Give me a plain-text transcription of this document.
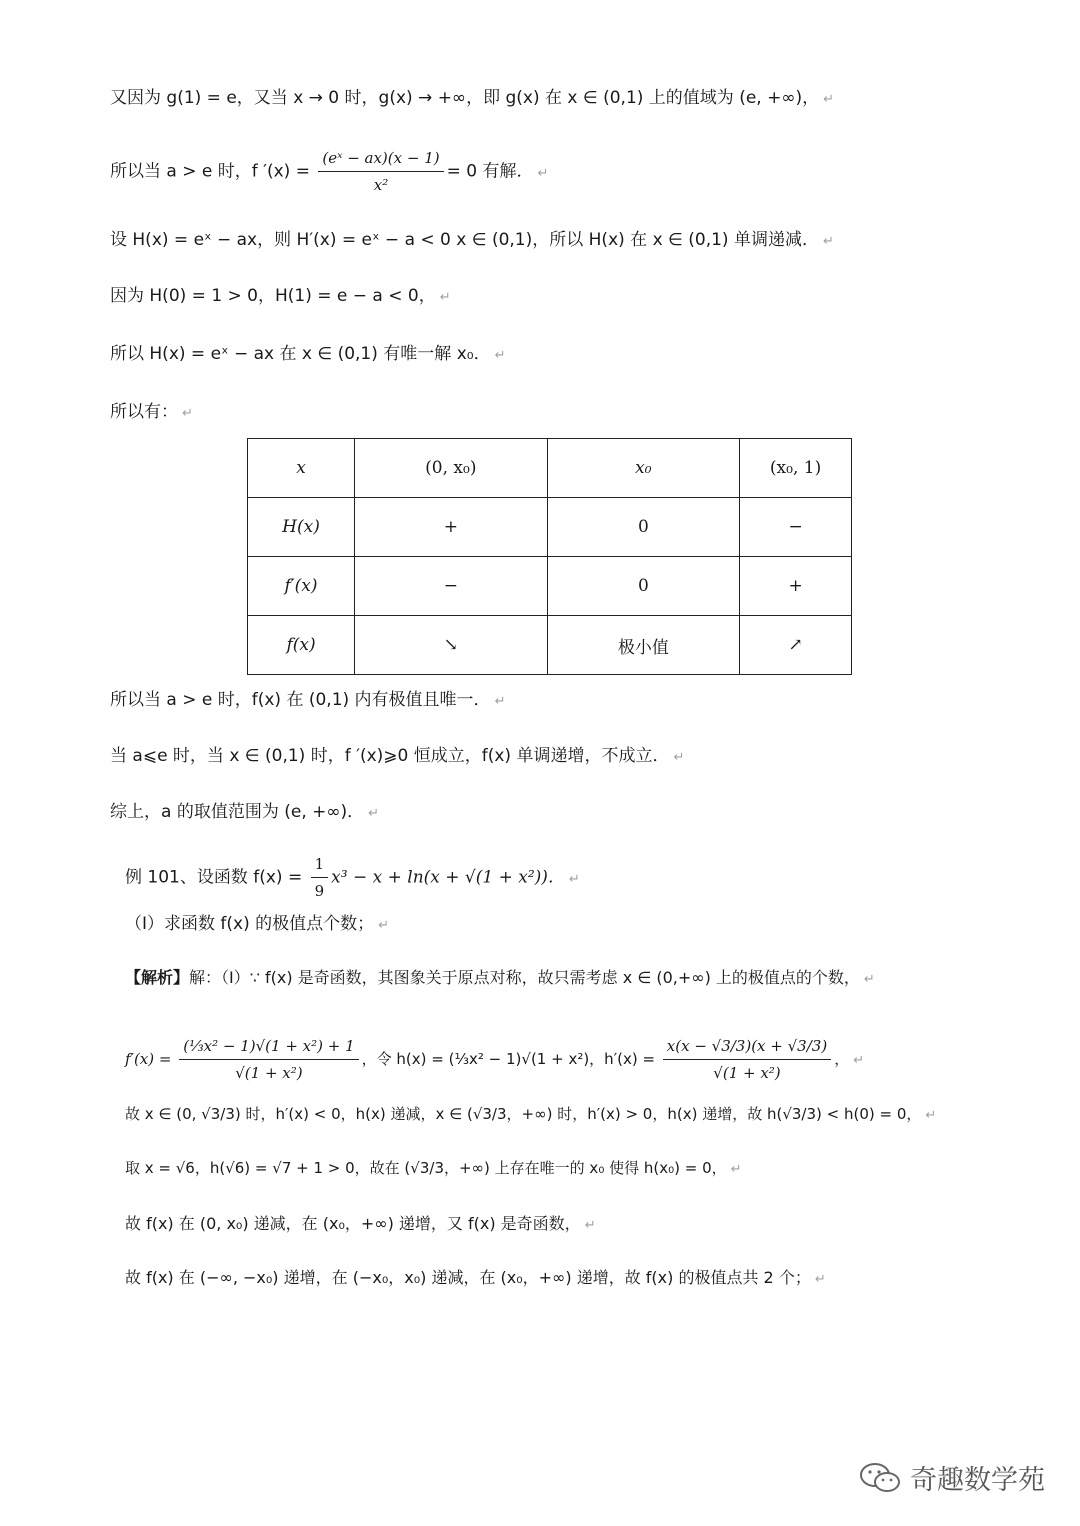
又因为 g(1) = e，又当 x → 0 时，g(x) → +∞，即 g(x) 在 x ∈ (0,1) 上的值域为 (e, +∞)， ↵
所以当 a > e 时，f $'(x) = \frac{\text{(eˣ − ax)(x − 1)}}{\text{x²}} = 0$ 有解． ↵
设 H(x) = eˣ − ax，则 H′(x) = eˣ − a < 0 x ∈ (0,1)，所以 H(x) 在 x ∈ (0,1) 单调递减． ↵
因为 H(0) = 1 > 0，H(1) = e − a < 0， ↵
所以 H(x) = eˣ − ax 在 x ∈ (0,1) 有唯一解 x₀． ↵
所以有： ↵
x	(0, x₀)	x₀	(x₀, 1)
H(x)	+	0	−
f′(x)	−	0	+
f(x)	↘	极小值	↗
所以当 a > e 时，f(x) 在 (0,1) 内有极值且唯一． ↵
当 a⩽e 时，当 x ∈ (0,1) 时，f ′(x)⩾0 恒成立，f(x) 单调递增，不成立． ↵
综上，a 的取值范围为 (e, +∞)． ↵
例 101、设函数 $f(x) = \frac{1}{9} x^3 - x + \ln(x + √(1 + x^2))$． ↵
（Ⅰ）求函数 f(x) 的极值点个数； ↵
【解析】解：（Ⅰ）∵ f(x) 是奇函数，其图象关于原点对称，故只需考虑 x ∈ (0,+∞) 上的极值点的个数， ↵
$f'(x) = \frac{\text{(⅓x² − 1)√(1 + x²) + 1}}{\text{√(1 + x²)}}$ ，令 h(x) = (⅓x² − 1)√(1 + x²)，$h'(x) = \frac{x(x - √3/3)(x + √3/3)}{\text{√(1 + x²)}}$ ， ↵
故 x ∈ (0, √3/3) 时，h′(x) < 0，h(x) 递减，x ∈ (√3/3，+∞) 时，h′(x) > 0，h(x) 递增，故 h(√3/3) < h(0) = 0， ↵
取 x = √6，h(√6) = √7 + 1 > 0，故在 (√3/3，+∞) 上存在唯一的 x₀ 使得 h(x₀) = 0， ↵
故 f(x) 在 (0, x₀) 递减，在 (x₀，+∞) 递增，又 f(x) 是奇函数， ↵
故 f(x) 在 (−∞, −x₀) 递增，在 (−x₀，x₀) 递减，在 (x₀，+∞) 递增，故 f(x) 的极值点共 2 个； ↵
奇趣数学苑
